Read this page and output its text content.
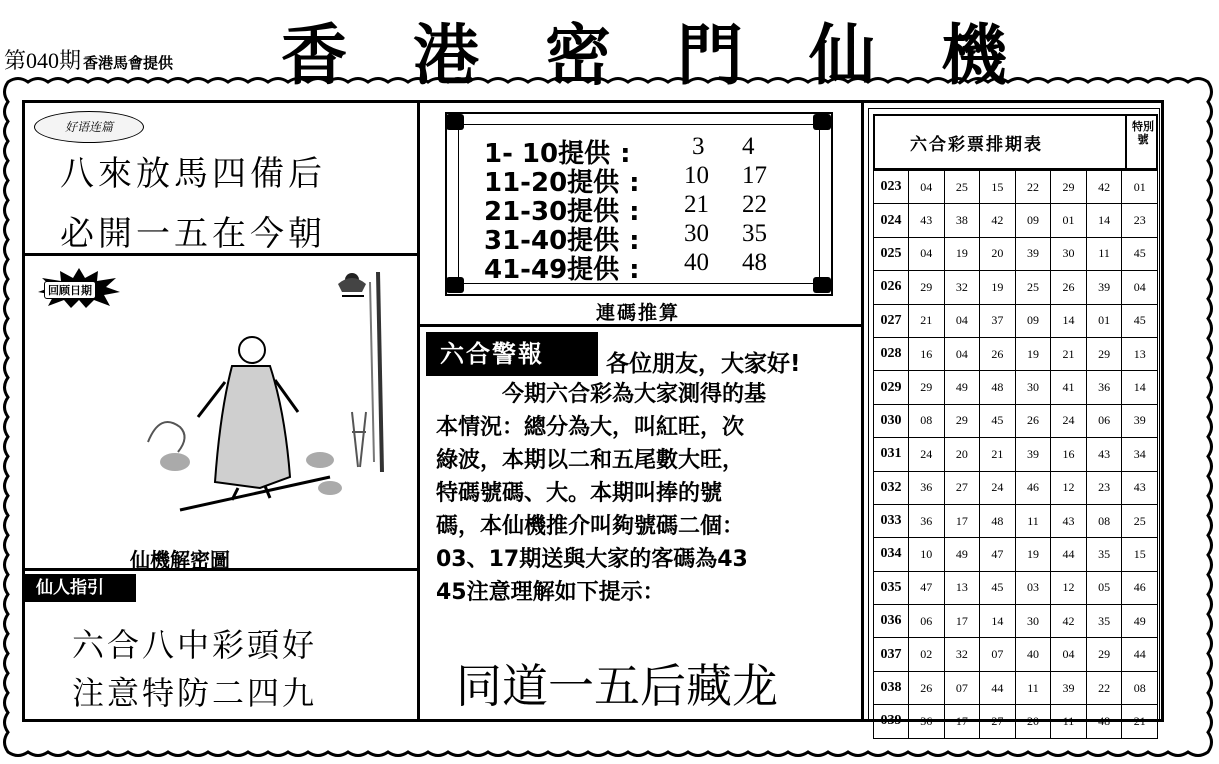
第040期 香港馬會提供	香 港 密 門 仙 機
好语连篇
八來放馬四備后
必開一五在今朝
回顾日期
仙機解密圖
仙人指引
六合八中彩頭好
注意特防二四九
1- 10提供 : 3 4
11-20提供 : 10 17
21-30提供 : 21 22
31-40提供 : 30 35
41-49提供 : 40 48
連碼推算
六合警報	各位朋友，大家好!
今期六合彩為大家測得的基
本情況：總分為大，叫紅旺，次
綠波，本期以二和五尾數大旺，
特碼號碼、大。本期叫捧的號
碼，本仙機推介叫夠號碼二個：
03、17期送與大家的客碼為43
45注意理解如下提示：
同道一五后藏龙
六合彩票排期表
特別號
023	04	25	15	22	29	42	01
024	43	38	42	09	01	14	23
025	04	19	20	39	30	11	45
026	29	32	19	25	26	39	04
027	21	04	37	09	14	01	45
028	16	04	26	19	21	29	13
029	29	49	48	30	41	36	14
030	08	29	45	26	24	06	39
031	24	20	21	39	16	43	34
032	36	27	24	46	12	23	43
033	36	17	48	11	43	08	25
034	10	49	47	19	44	35	15
035	47	13	45	03	12	05	46
036	06	17	14	30	42	35	49
037	02	32	07	40	04	29	44
038	26	07	44	11	39	22	08
039	36	17	27	20	11	48	21
